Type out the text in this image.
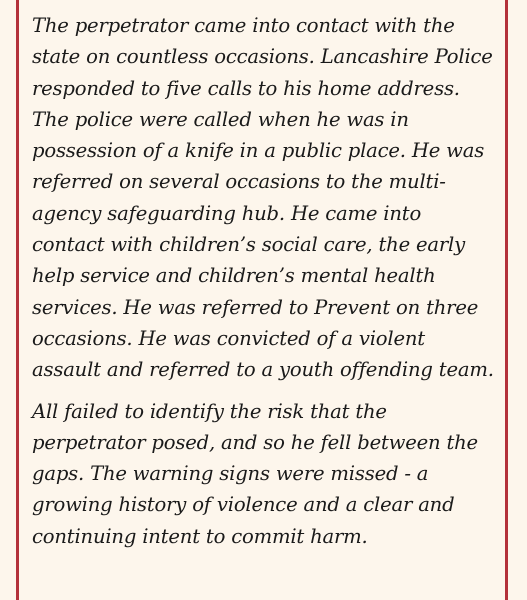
The perpetrator came into contact with the state on countless occasions. Lancashire Police responded to five calls to his home address. The police were called when he was in possession of a knife in a public place. He was referred on several occasions to the multi-agency safeguarding hub. He came into contact with children’s social care, the early help service and children’s mental health services. He was referred to Prevent on three occasions. He was convicted of a violent assault and referred to a youth offending team.

All failed to identify the risk that the perpetrator posed, and so he fell between the gaps. The warning signs were missed - a growing history of violence and a clear and continuing intent to commit harm.
